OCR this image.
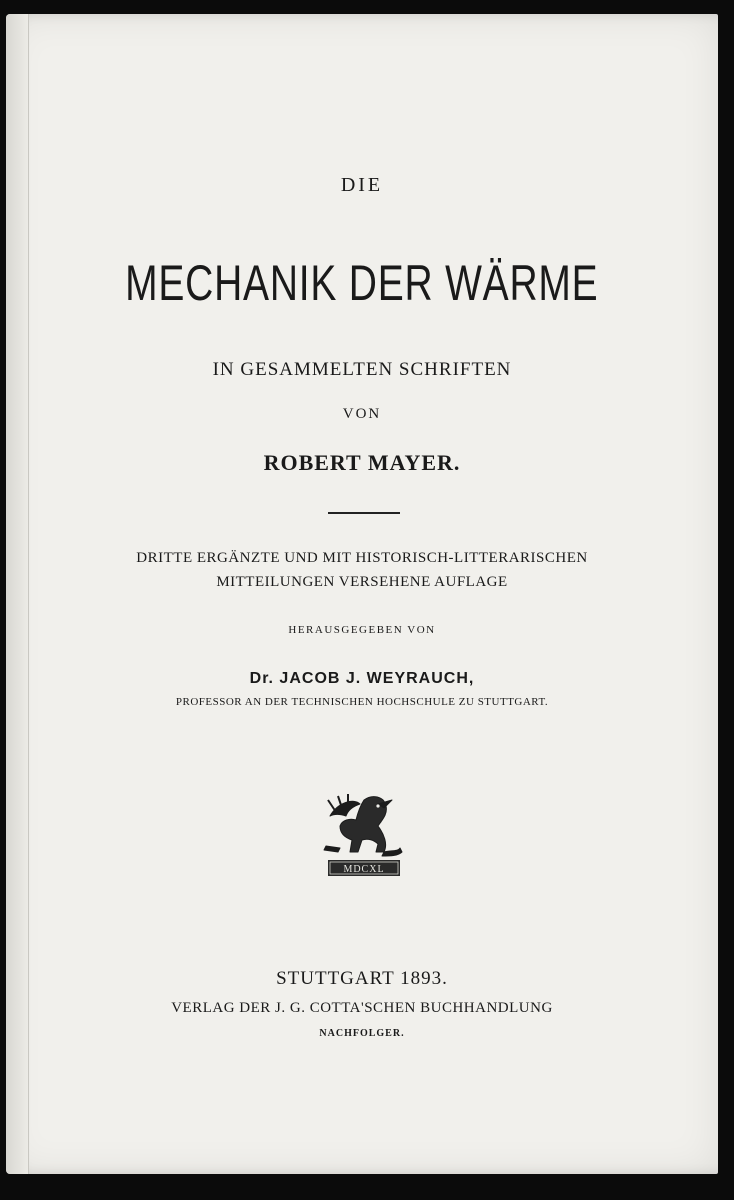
DIE
MECHANIK DER WÄRME
IN GESAMMELTEN SCHRIFTEN
VON
ROBERT MAYER.
DRITTE ERGÄNZTE UND MIT HISTORISCH-LITTERARISCHEN
MITTEILUNGEN VERSEHENE AUFLAGE
HERAUSGEGEBEN VON
Dr. JACOB J. WEYRAUCH,
PROFESSOR AN DER TECHNISCHEN HOCHSCHULE ZU STUTTGART.
MDCXL
STUTTGART 1893.
VERLAG DER J. G. COTTA'SCHEN BUCHHANDLUNG
NACHFOLGER.
